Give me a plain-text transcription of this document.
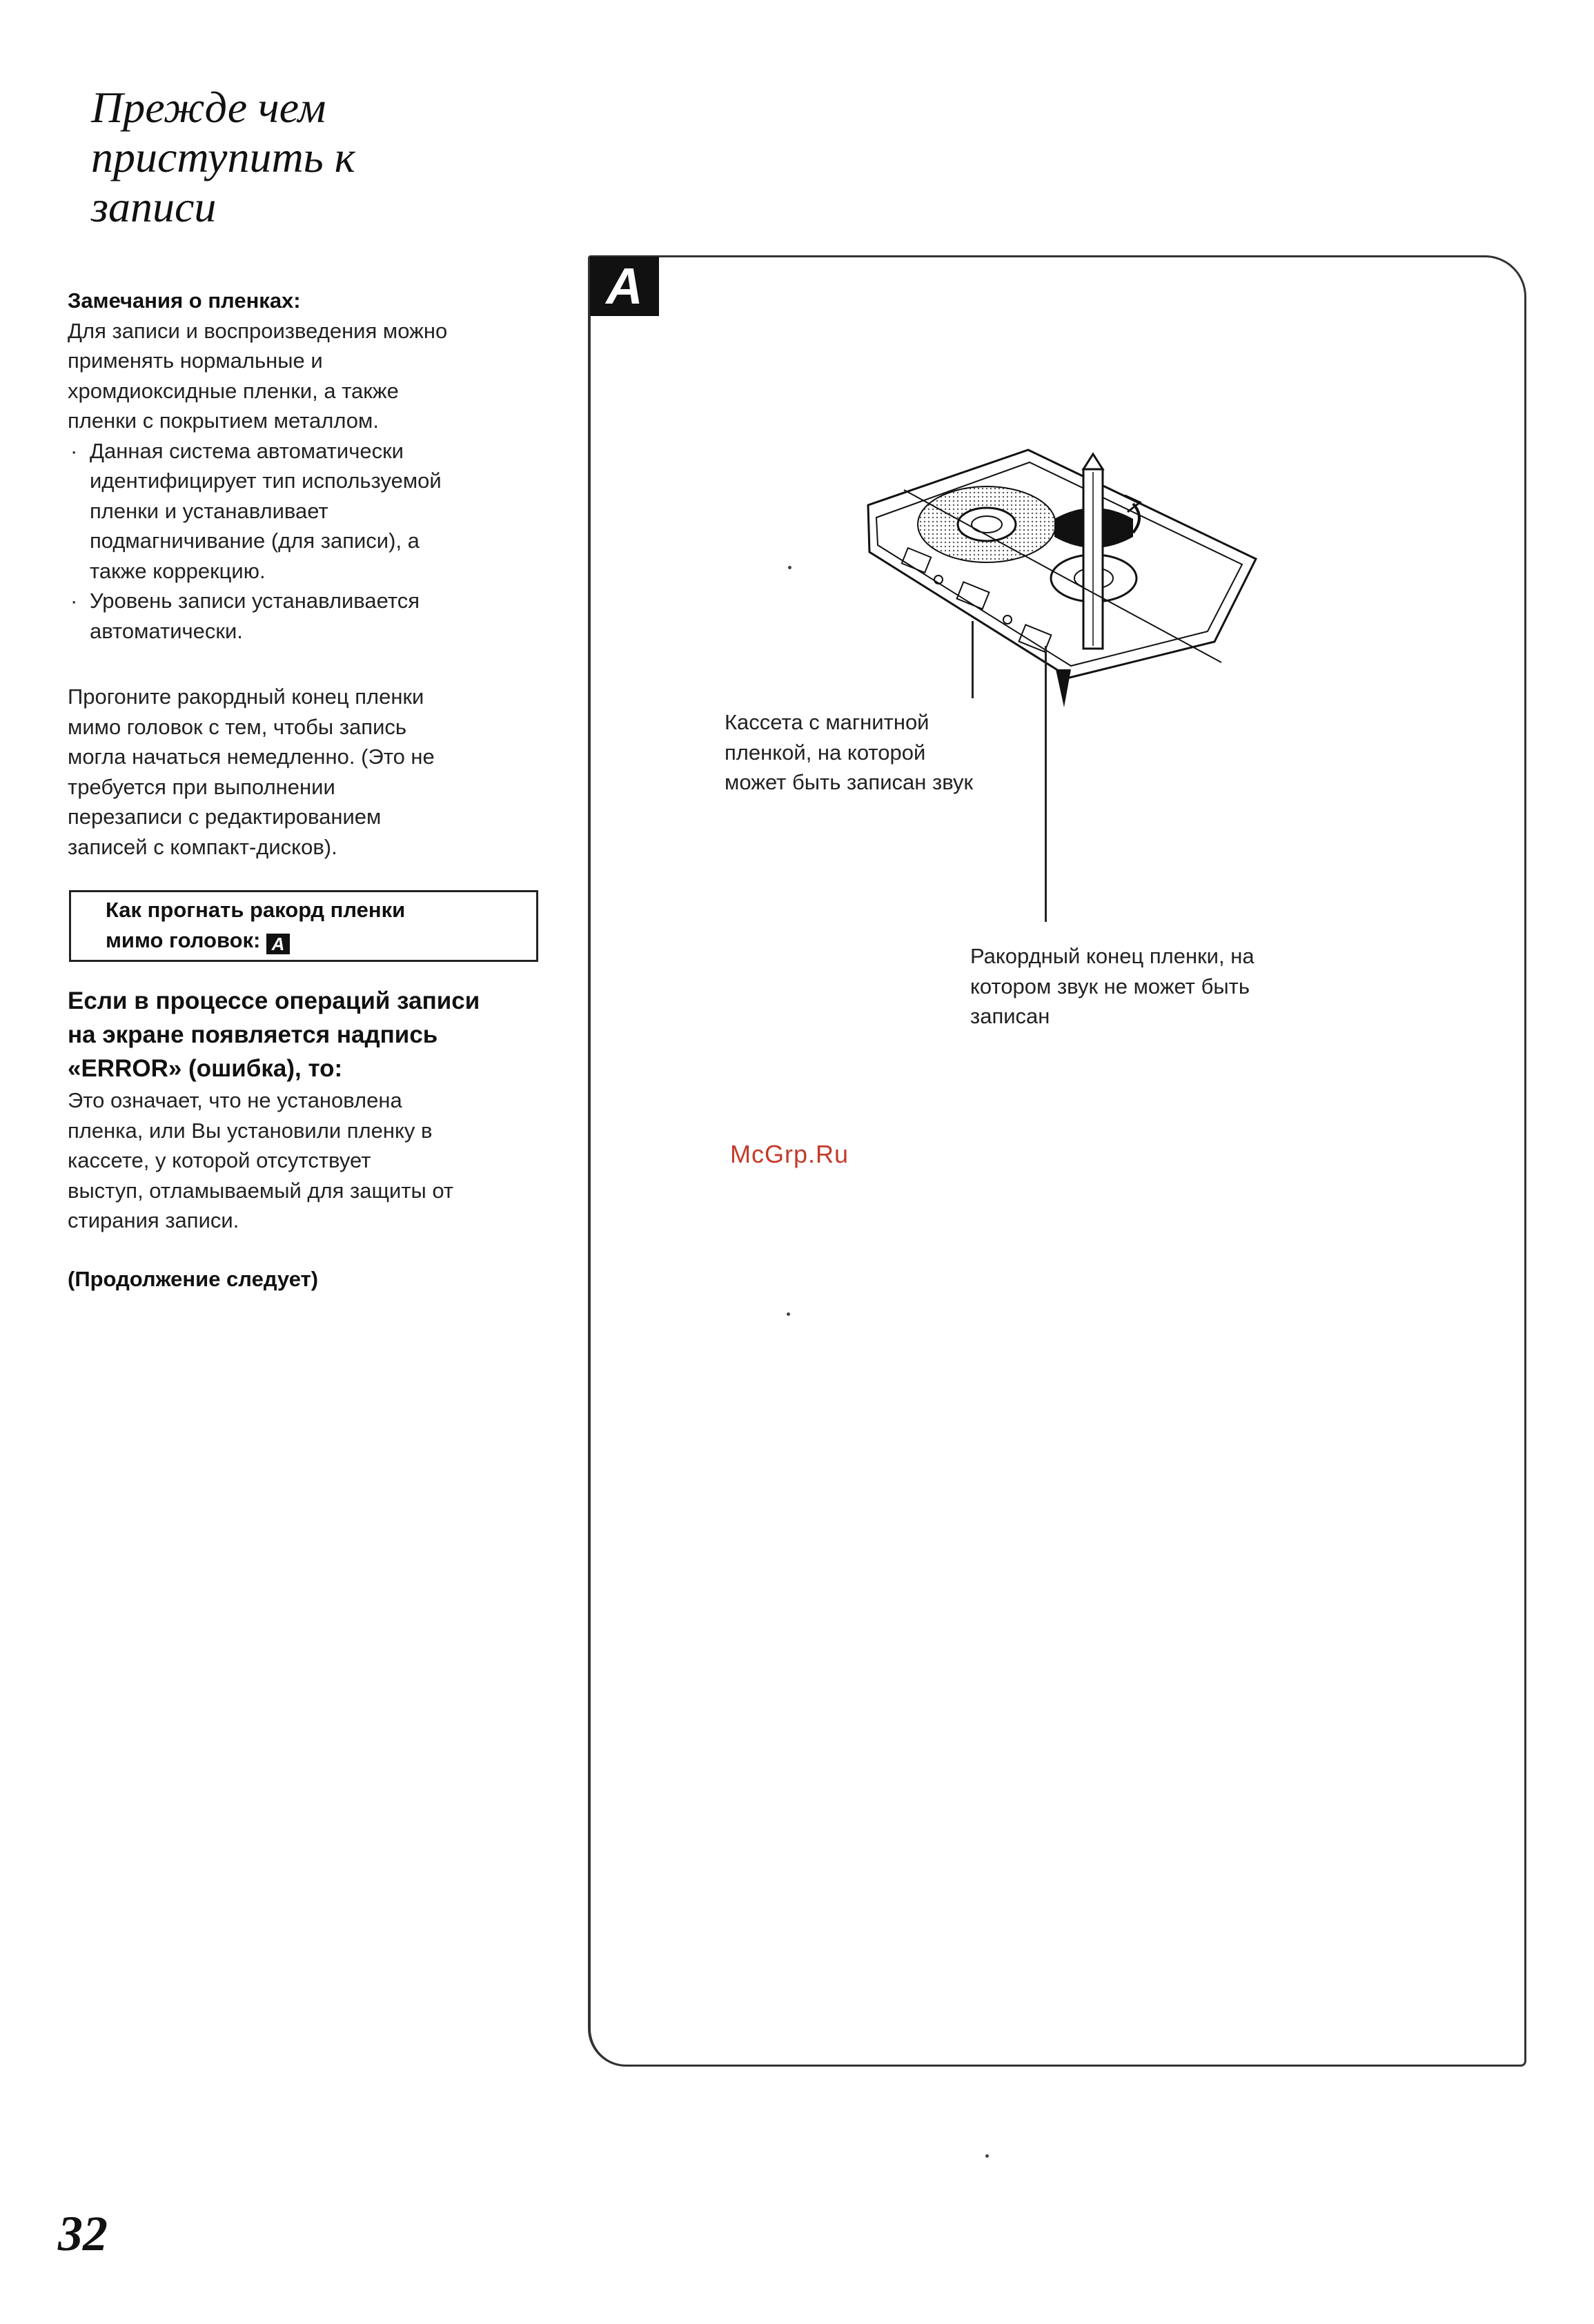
Прежде чем
приступить к
записи
Замечания о пленках:
Для записи и воспроизведения можно
применять нормальные и
хромдиоксидные пленки, а также
пленки с покрытием металлом.
· Данная система автоматически
идентифицирует тип используемой
пленки и устанавливает
подмагничивание (для записи), а
также коррекцию.
· Уровень записи устанавливается
автоматически.
Прогоните ракордный конец пленки
мимо головок с тем, чтобы запись
могла начаться немедленно. (Это не
требуется при выполнении
перезаписи с редактированием
записей с компакт-дисков).
Как прогнать ракорд пленки
мимо головок: A
Если в процессе операций записи
на экране появляется надпись
«ERROR» (ошибка), то:
Это означает, что не установлена
пленка, или Вы установили пленку в
кассете, у которой отсутствует
выступ, отламываемый для защиты от
стирания записи.
(Продолжение следует)
A
Кассета с магнитной
пленкой, на которой
может быть записан звук
Ракордный конец пленки, на
котором звук не может быть
записан
McGrp.Ru
32
